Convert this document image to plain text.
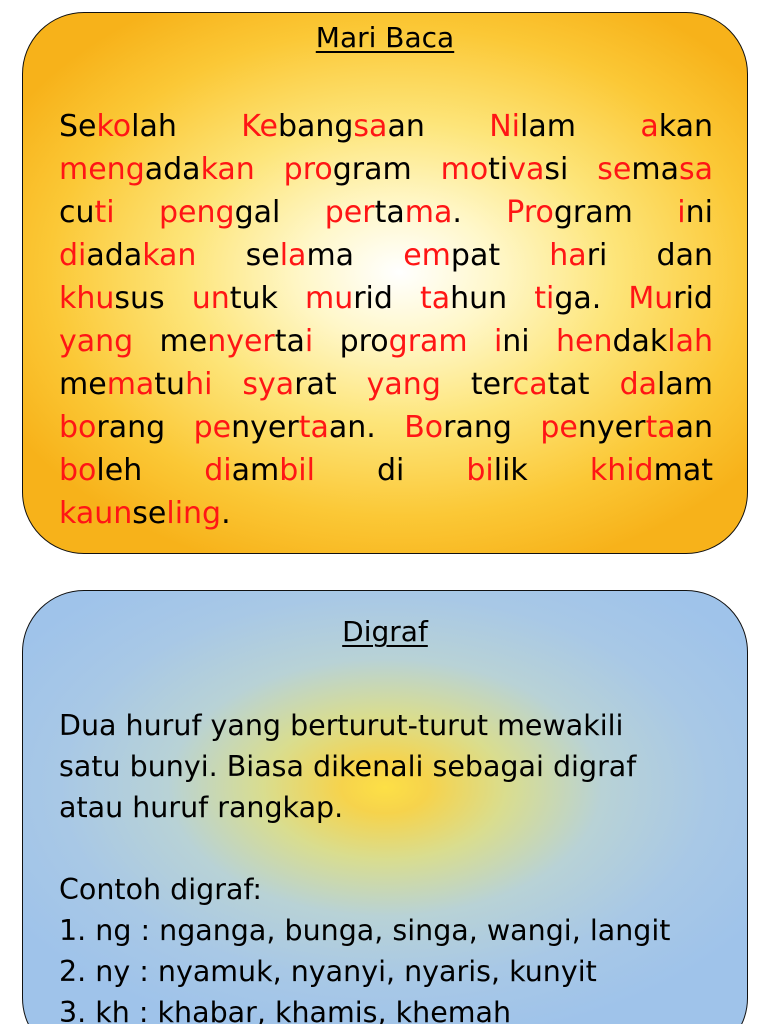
Mari Baca
Sekolah Kebangsaan Nilam akan
mengadakan program motivasi semasa
cuti penggal pertama. Program ini
diadakan selama empat hari dan
khusus untuk murid tahun tiga. Murid
yang menyertai program ini hendaklah
mematuhi syarat yang tercatat dalam
borang penyertaan. Borang penyertaan
boleh diambil di bilik khidmat
kaunseling.
Digraf

Dua huruf yang berturut-turut mewakili

satu bunyi. Biasa dikenali sebagai digraf

atau huruf rangkap.

Contoh digraf:

1. ng : nganga, bunga, singa, wangi, langit

2. ny : nyamuk, nyanyi, nyaris, kunyit

3. kh : khabar, khamis, khemah
